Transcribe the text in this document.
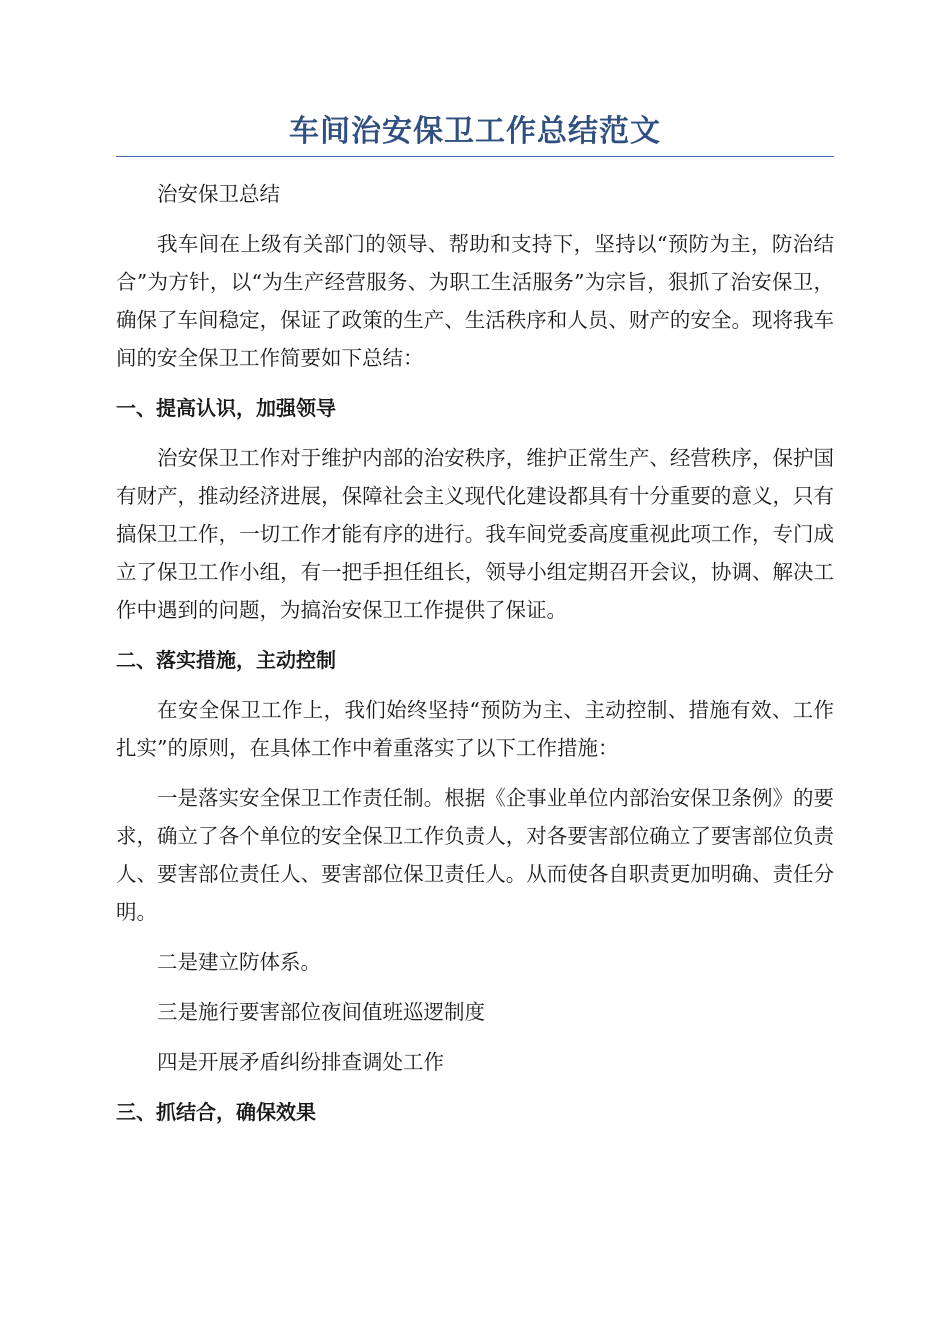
车间治安保卫工作总结范文

治安保卫总结

我车间在上级有关部门的领导、帮助和支持下，坚持以“预防为主，防治结合”为方针，以“为生产经营服务、为职工生活服务”为宗旨，狠抓了治安保卫，确保了车间稳定，保证了政策的生产、生活秩序和人员、财产的安全。现将我车间的安全保卫工作简要如下总结：

一、提高认识，加强领导

治安保卫工作对于维护内部的治安秩序，维护正常生产、经营秩序，保护国有财产，推动经济进展，保障社会主义现代化建设都具有十分重要的意义，只有搞保卫工作，一切工作才能有序的进行。我车间党委高度重视此项工作，专门成立了保卫工作小组，有一把手担任组长，领导小组定期召开会议，协调、解决工作中遇到的问题，为搞治安保卫工作提供了保证。

二、落实措施，主动控制

在安全保卫工作上，我们始终坚持“预防为主、主动控制、措施有效、工作扎实”的原则，在具体工作中着重落实了以下工作措施：

一是落实安全保卫工作责任制。根据《企事业单位内部治安保卫条例》的要求，确立了各个单位的安全保卫工作负责人，对各要害部位确立了要害部位负责人、要害部位责任人、要害部位保卫责任人。从而使各自职责更加明确、责任分明。

二是建立防体系。

三是施行要害部位夜间值班巡逻制度

四是开展矛盾纠纷排查调处工作

三、抓结合，确保效果
